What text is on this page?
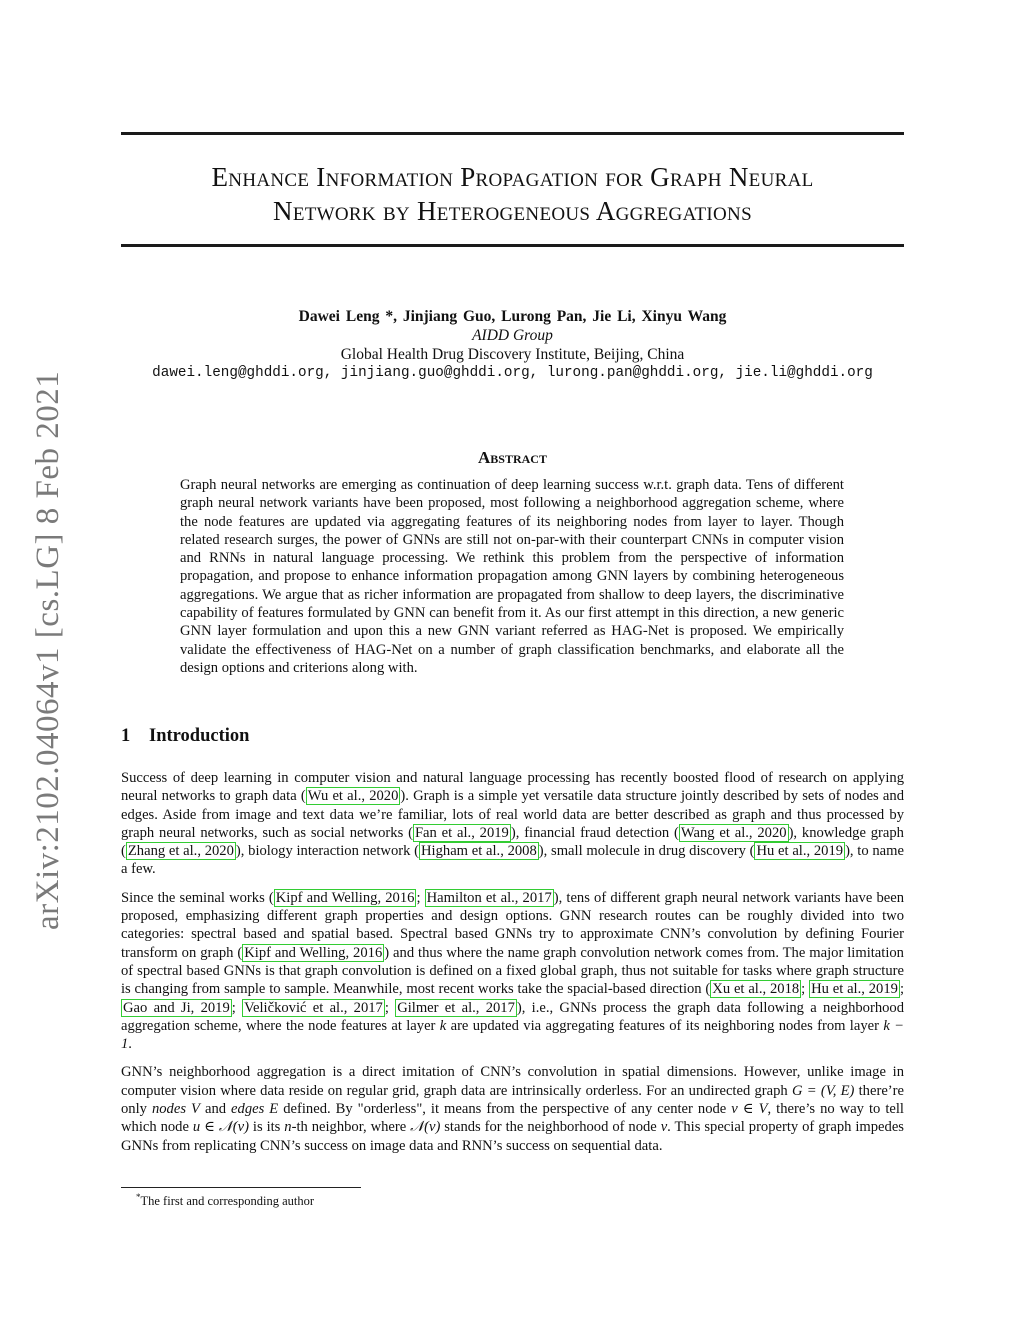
Enhance Information Propagation for Graph Neural
Network by Heterogeneous Aggregations
Dawei Leng *, Jinjiang Guo, Lurong Pan, Jie Li, Xinyu Wang
AIDD Group
Global Health Drug Discovery Institute, Beijing, China
dawei.leng@ghddi.org, jinjiang.guo@ghddi.org, lurong.pan@ghddi.org, jie.li@ghddi.org
Abstract
Graph neural networks are emerging as continuation of deep learning success w.r.t. graph data. Tens of different graph neural network variants have been proposed, most following a neighborhood aggregation scheme, where the node features are updated via aggregating features of its neighboring nodes from layer to layer. Though related research surges, the power of GNNs are still not on-par-with their counterpart CNNs in computer vision and RNNs in natural language processing. We rethink this problem from the perspective of information propagation, and propose to enhance information propagation among GNN layers by combining heterogeneous aggregations. We argue that as richer information are propagated from shallow to deep layers, the discriminative capability of features formulated by GNN can benefit from it. As our first attempt in this direction, a new generic GNN layer formulation and upon this a new GNN variant referred as HAG-Net is proposed. We empirically validate the effectiveness of HAG-Net on a number of graph classification benchmarks, and elaborate all the design options and criterions along with.
1 Introduction

Success of deep learning in computer vision and natural language processing has recently boosted flood of research on applying neural networks to graph data ( Wu et al., 2020 ). Graph is a simple yet versatile data structure jointly described by sets of nodes and edges. Aside from image and text data we’re familiar, lots of real world data are better described as graph and thus processed by graph neural networks, such as social networks ( Fan et al., 2019 ), financial fraud detection ( Wang et al., 2020 ), knowledge graph ( Zhang et al., 2020 ), biology interaction network ( Higham et al., 2008 ), small molecule in drug discovery ( Hu et al., 2019 ), to name a few.

Since the seminal works ( Kipf and Welling, 2016 ; Hamilton et al., 2017 ), tens of different graph neural network variants have been proposed, emphasizing different graph properties and design options. GNN research routes can be roughly divided into two categories: spectral based and spatial based. Spectral based GNNs try to approximate CNN’s convolution by defining Fourier transform on graph ( Kipf and Welling, 2016 ) and thus where the name graph convolution network comes from. The major limitation of spectral based GNNs is that graph convolution is defined on a fixed global graph, thus not suitable for tasks where graph structure is changing from sample to sample. Meanwhile, most recent works take the spacial-based direction ( Xu et al., 2018 ; Hu et al., 2019 ; Gao and Ji, 2019 ; Veličković et al., 2017 ; Gilmer et al., 2017 ), i.e., GNNs process the graph data following a neighborhood aggregation scheme, where the node features at layer k are updated via aggregating features of its neighboring nodes from layer k − 1.

GNN’s neighborhood aggregation is a direct imitation of CNN’s convolution in spatial dimensions. However, unlike image in computer vision where data reside on regular grid, graph data are intrinsically orderless. For an undirected graph G = (V, E) there’re only nodes V and edges E defined. By "orderless", it means from the perspective of any center node v ∈ V, there’s no way to tell which node u ∈ 𝒩(v) is its n-th neighbor, where 𝒩(v) stands for the neighborhood of node v. This special property of graph impedes GNNs from replicating CNN’s success on image data and RNN’s success on sequential data.

*The first and corresponding author
arXiv:2102.04064v1 [cs.LG] 8 Feb 2021
